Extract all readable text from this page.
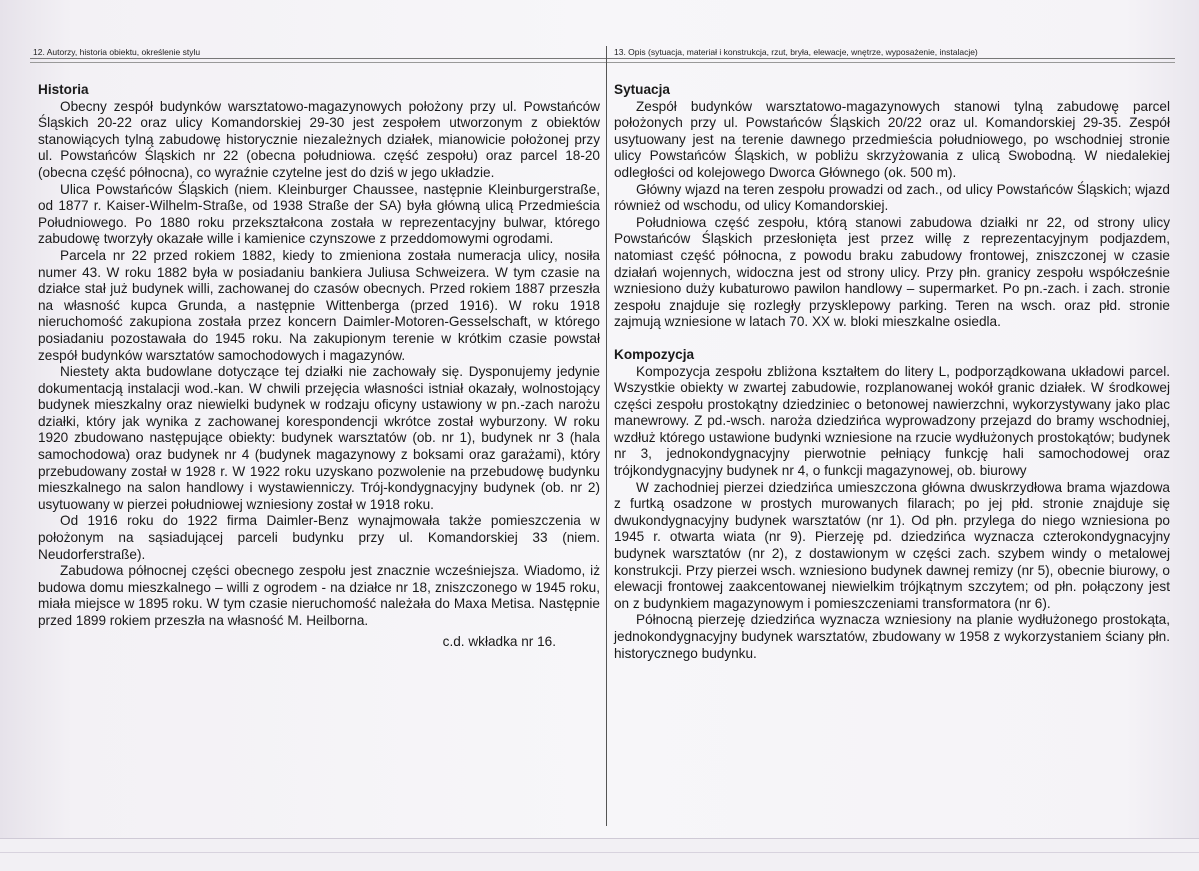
12. Autorzy, historia obiektu, określenie stylu	13. Opis (sytuacja, materiał i konstrukcja, rzut, bryła, elewacje, wnętrze, wyposażenie, instalacje)
Historia

Obecny zespół budynków warsztatowo-magazynowych położony przy ul. Powstańców Śląskich 20-22 oraz ulicy Komandorskiej 29-30 jest zespołem utworzonym z obiektów stanowiących tylną zabudowę historycznie niezależnych działek, mianowicie położonej przy ul. Powstańców Śląskich nr 22 (obecna południowa. część zespołu) oraz parcel 18-20 (obecna część północna), co wyraźnie czytelne jest do dziś w jego układzie.

Ulica Powstańców Śląskich (niem. Kleinburger Chaussee, następnie Kleinburgerstraße, od 1877 r. Kaiser-Wilhelm-Straße, od 1938 Straße der SA) była główną ulicą Przedmieścia Południowego. Po 1880 roku przekształcona została w reprezentacyjny bulwar, którego zabudowę tworzyły okazałe wille i kamienice czynszowe z przeddomowymi ogrodami.

Parcela nr 22 przed rokiem 1882, kiedy to zmieniona została numeracja ulicy, nosiła numer 43. W roku 1882 była w posiadaniu bankiera Juliusa Schweizera. W tym czasie na działce stał już budynek willi, zachowanej do czasów obecnych. Przed rokiem 1887 przeszła na własność kupca Grunda, a następnie Wittenberga (przed 1916). W roku 1918 nieruchomość zakupiona została przez koncern Daimler-Motoren-Gesselschaft, w którego posiadaniu pozostawała do 1945 roku. Na zakupionym terenie w krótkim czasie powstał zespół budynków warsztatów samochodowych i magazynów.

Niestety akta budowlane dotyczące tej działki nie zachowały się. Dysponujemy jedynie dokumentacją instalacji wod.-kan. W chwili przejęcia własności istniał okazały, wolnostojący budynek mieszkalny oraz niewielki budynek w rodzaju oficyny ustawiony w pn.-zach narożu działki, który jak wynika z zachowanej korespondencji wkrótce został wyburzony. W roku 1920 zbudowano następujące obiekty: budynek warsztatów (ob. nr 1), budynek nr 3 (hala samochodowa) oraz budynek nr 4 (budynek magazynowy z boksami oraz garażami), który przebudowany został w 1928 r. W 1922 roku uzyskano pozwolenie na przebudowę budynku mieszkalnego na salon handlowy i wystawienniczy. Trój-kondygnacyjny budynek (ob. nr 2) usytuowany w pierzei południowej wzniesiony został w 1918 roku.

Od 1916 roku do 1922 firma Daimler-Benz wynajmowała także pomieszczenia w położonym na sąsiadującej parceli budynku przy ul. Komandorskiej 33 (niem. Neudorferstraße).

Zabudowa północnej części obecnego zespołu jest znacznie wcześniejsza. Wiadomo, iż budowa domu mieszkalnego – willi z ogrodem - na działce nr 18, zniszczonego w 1945 roku, miała miejsce w 1895 roku. W tym czasie nieruchomość należała do Maxa Metisa. Następnie przed 1899 rokiem przeszła na własność M. Heilborna.

c.d. wkładka nr 16.

Sytuacja

Zespół budynków warsztatowo-magazynowych stanowi tylną zabudowę parcel położonych przy ul. Powstańców Śląskich 20/22 oraz ul. Komandorskiej 29-35. Zespół usytuowany jest na terenie dawnego przedmieścia południowego, po wschodniej stronie ulicy Powstańców Śląskich, w pobliżu skrzyżowania z ulicą Swobodną. W niedalekiej odległości od kolejowego Dworca Głównego (ok. 500 m).

Główny wjazd na teren zespołu prowadzi od zach., od ulicy Powstańców Śląskich; wjazd również od wschodu, od ulicy Komandorskiej.

Południowa część zespołu, którą stanowi zabudowa działki nr 22, od strony ulicy Powstańców Śląskich przesłonięta jest przez willę z reprezentacyjnym podjazdem, natomiast część północna, z powodu braku zabudowy frontowej, zniszczonej w czasie działań wojennych, widoczna jest od strony ulicy. Przy płn. granicy zespołu współcześnie wzniesiono duży kubaturowo pawilon handlowy – supermarket. Po pn.-zach. i zach. stronie zespołu znajduje się rozległy przysklepowy parking. Teren na wsch. oraz płd. stronie zajmują wzniesione w latach 70. XX w. bloki mieszkalne osiedla.

Kompozycja

Kompozycja zespołu zbliżona kształtem do litery L, podporządkowana układowi parcel. Wszystkie obiekty w zwartej zabudowie, rozplanowanej wokół granic działek. W środkowej części zespołu prostokątny dziedziniec o betonowej nawierzchni, wykorzystywany jako plac manewrowy. Z pd.-wsch. naroża dziedzińca wyprowadzony przejazd do bramy wschodniej, wzdłuż którego ustawione budynki wzniesione na rzucie wydłużonych prostokątów; budynek nr 3, jednokondygnacyjny pierwotnie pełniący funkcję hali samochodowej oraz trójkondygnacyjny budynek nr 4, o funkcji magazynowej, ob. biurowy

W zachodniej pierzei dziedzińca umieszczona główna dwuskrzydłowa brama wjazdowa z furtką osadzone w prostych murowanych filarach; po jej płd. stronie znajduje się dwukondygnacyjny budynek warsztatów (nr 1). Od płn. przylega do niego wzniesiona po 1945 r. otwarta wiata (nr 9). Pierzeję pd. dziedzińca wyznacza czterokondygnacyjny budynek warsztatów (nr 2), z dostawionym w części zach. szybem windy o metalowej konstrukcji. Przy pierzei wsch. wzniesiono budynek dawnej remizy (nr 5), obecnie biurowy, o elewacji frontowej zaakcentowanej niewielkim trójkątnym szczytem; od płn. połączony jest on z budynkiem magazynowym i pomieszczeniami transformatora (nr 6).

Północną pierzeję dziedzińca wyznacza wzniesiony na planie wydłużonego prostokąta, jednokondygnacyjny budynek warsztatów, zbudowany w 1958 z wykorzystaniem ściany płn. historycznego budynku.
